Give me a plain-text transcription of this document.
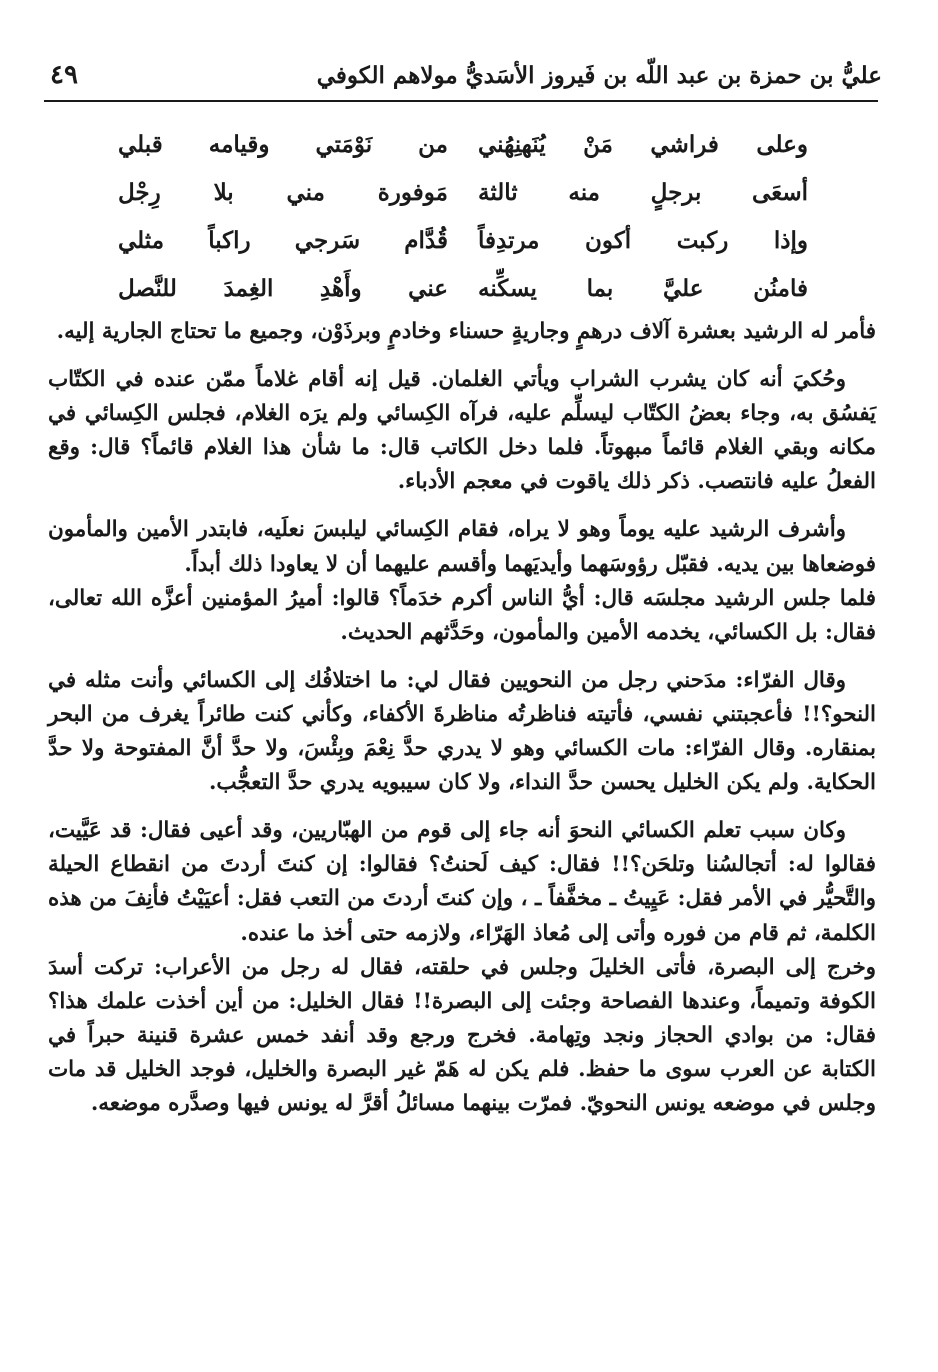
عليُّ بن حمزة بن عبد اللّه بن فَيروز الأسَديُّ مولاهم الكوفي
٤٩
وعلى فراشي مَنْ يُنَهنِهُني
من نَوْمَتي وقيامه قبلي
أسعَى برجلٍ منه ثالثة
مَوفورة مني بلا رِجْل
وإذا ركبت أكون مرتدِفاً
قُدَّام سَرجي راكباً مثلي
فامنُن عليَّ بما يسكِّنه
عني وأَهْدِ الغِمدَ للنَّصل

فأمر له الرشيد بعشرة آلاف درهمٍ وجاريةٍ حسناء وخادمٍ وبرذَوْن، وجميع ما تحتاج الجارية إليه.

وحُكيَ أنه كان يشرب الشراب ويأتي الغلمان. قيل إنه أقام غلاماً ممّن عنده في الكتّاب يَفسُق به، وجاء بعضُ الكتّاب ليسلِّم عليه، فرآه الكِسائي ولم يرَه الغلام، فجلس الكِسائي في مكانه وبقي الغلام قائماً مبهوتاً. فلما دخل الكاتب قال: ما شأن هذا الغلام قائماً؟ قال: وقع الفعلُ عليه فانتصب. ذكر ذلك ياقوت في معجم الأدباء.

وأشرف الرشيد عليه يوماً وهو لا يراه، فقام الكِسائي ليلبسَ نعلَيه، فابتدر الأمين والمأمون فوضعاها بين يديه. فقبّل رؤوسَهما وأيديَهما وأقسم عليهما أن لا يعاودا ذلك أبداً.

فلما جلس الرشيد مجلسَه قال: أيُّ الناس أكرم خدَماً؟ قالوا: أميرُ المؤمنين أعزَّه الله تعالى، فقال: بل الكسائي، يخدمه الأمين والمأمون، وحَدَّثهم الحديث.

وقال الفرّاء: مدَحني رجل من النحويين فقال لي: ما اختلافُك إلى الكسائي وأنت مثله في النحو؟!! فأعجبتني نفسي، فأتيته فناظرتُه مناظرةَ الأكفاء، وكأني كنت طائراً يغرف من البحر بمنقاره. وقال الفرّاء: مات الكسائي وهو لا يدري حدَّ نِعْمَ وبِئْسَ، ولا حدَّ أنَّ المفتوحة ولا حدَّ الحكاية. ولم يكن الخليل يحسن حدَّ النداء، ولا كان سيبويه يدري حدَّ التعجُّب.

وكان سبب تعلم الكسائي النحوَ أنه جاء إلى قوم من الهبّاريين، وقد أعيى فقال: قد عَيَّيت، فقالوا له: أتجالسُنا وتلحَن؟!! فقال: كيف لَحنتُ؟ فقالوا: إن كنتَ أردتَ من انقطاع الحيلة والتَّحيُّر في الأمر فقل: عَيِيتُ ـ مخفَّفاً ـ ، وإن كنتَ أردتَ من التعب فقل: أعيَيْتُ فأنِفَ من هذه الكلمة، ثم قام من فوره وأتى إلى مُعاذ الهَرّاء، ولازمه حتى أخذ ما عنده.

وخرج إلى البصرة، فأتى الخليلَ وجلس في حلقته، فقال له رجل من الأعراب: تركت أسدَ الكوفة وتميماً، وعندها الفصاحة وجئت إلى البصرة!! فقال الخليل: من أين أخذت علمك هذا؟ فقال: من بوادي الحجاز ونجد وتِهامة. فخرج ورجع وقد أنفد خمس عشرة قنينة حبراً في الكتابة عن العرب سوى ما حفظ. فلم يكن له هَمّ غير البصرة والخليل، فوجد الخليل قد مات وجلس في موضعه يونس النحويّ. فمرّت بينهما مسائلُ أقرَّ له يونس فيها وصدَّره موضعه.
